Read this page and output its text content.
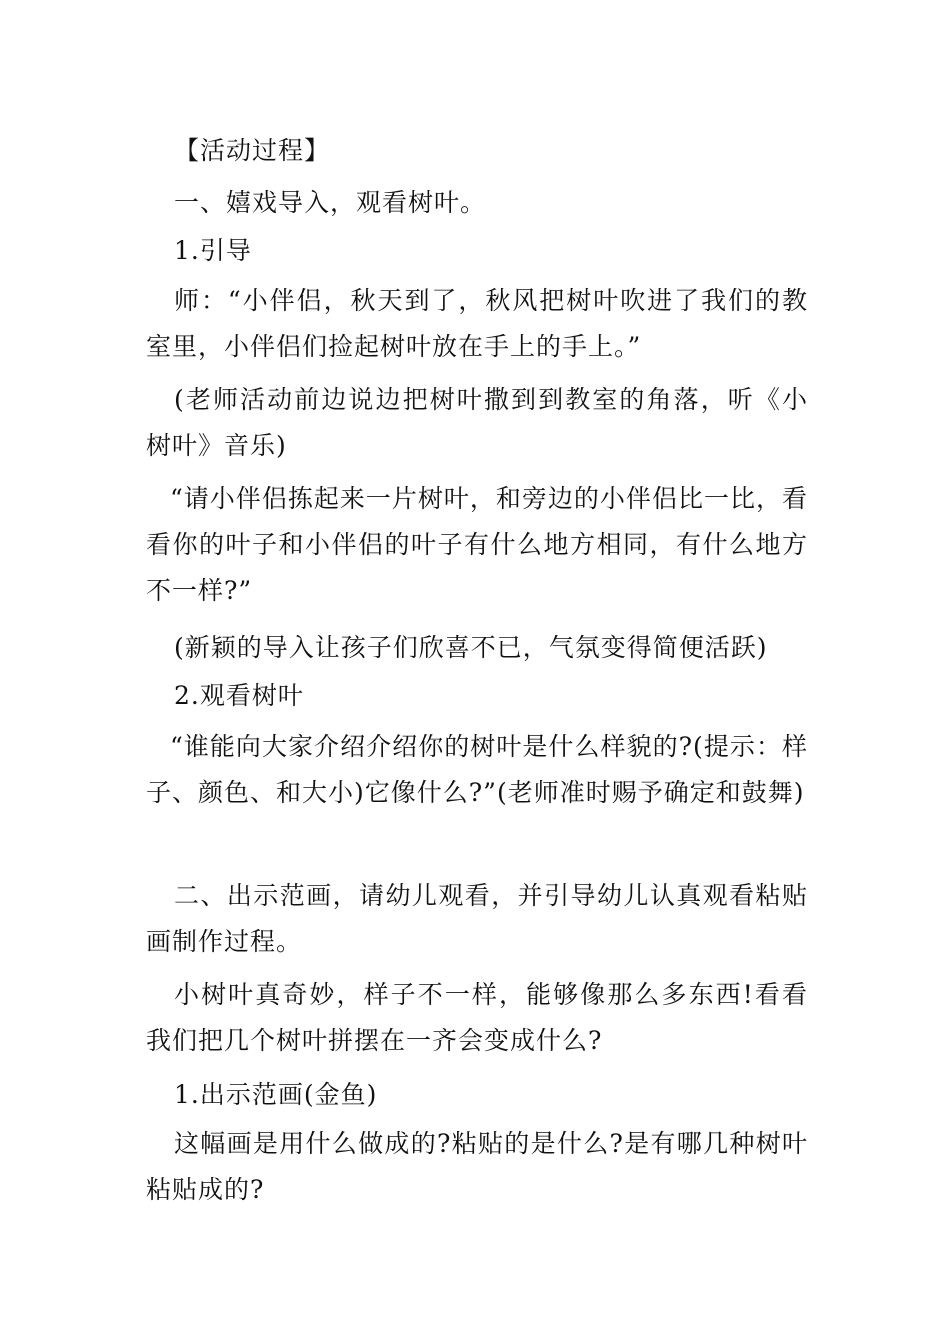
【活动过程】

一、嬉戏导入，观看树叶。

1.引导

师：“小伴侣，秋天到了，秋风把树叶吹进了我们的教室里，小伴侣们捡起树叶放在手上的手上。”

(老师活动前边说边把树叶撒到到教室的角落，听《小树叶》音乐)

“请小伴侣拣起来一片树叶，和旁边的小伴侣比一比，看看你的叶子和小伴侣的叶子有什么地方相同，有什么地方不一样?”

(新颖的导入让孩子们欣喜不已，气氛变得简便活跃)

2.观看树叶

“谁能向大家介绍介绍你的树叶是什么样貌的?(提示：样子、颜色、和大小)它像什么?”(老师准时赐予确定和鼓舞)

二、出示范画，请幼儿观看，并引导幼儿认真观看粘贴画制作过程。

小树叶真奇妙，样子不一样，能够像那么多东西!看看我们把几个树叶拼摆在一齐会变成什么?

1.出示范画(金鱼)

这幅画是用什么做成的?粘贴的是什么?是有哪几种树叶粘贴成的?
